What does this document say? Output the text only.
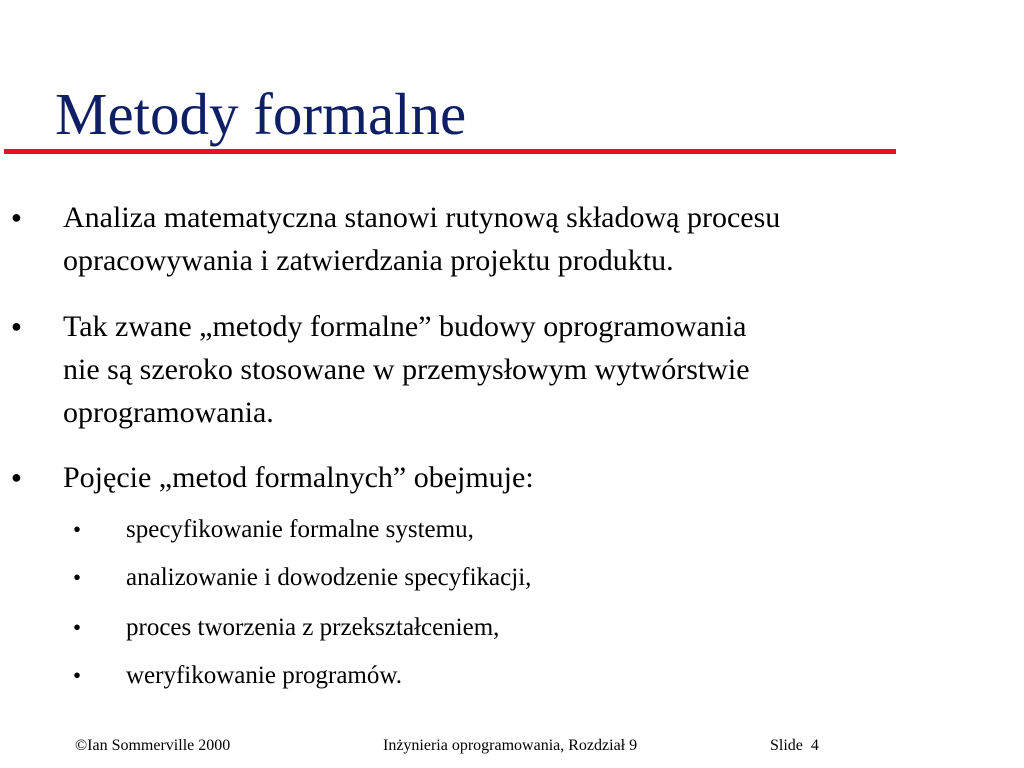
Metody formalne
●	Analiza matematyczna stanowi rutynową składową procesu
opracowywania i zatwierdzania projektu produktu.
●	Tak zwane „metody formalne” budowy oprogramowania
nie są szeroko stosowane w przemysłowym wytwórstwie
oprogramowania.
●	Pojęcie „metod formalnych” obejmuje:
• specyfikowanie formalne systemu,
• analizowanie i dowodzenie specyfikacji,
• proces tworzenia z przekształceniem,
• weryfikowanie programów.
©Ian Sommerville 2000	Inżynieria oprogramowania, Rozdział 9	Slide 4
